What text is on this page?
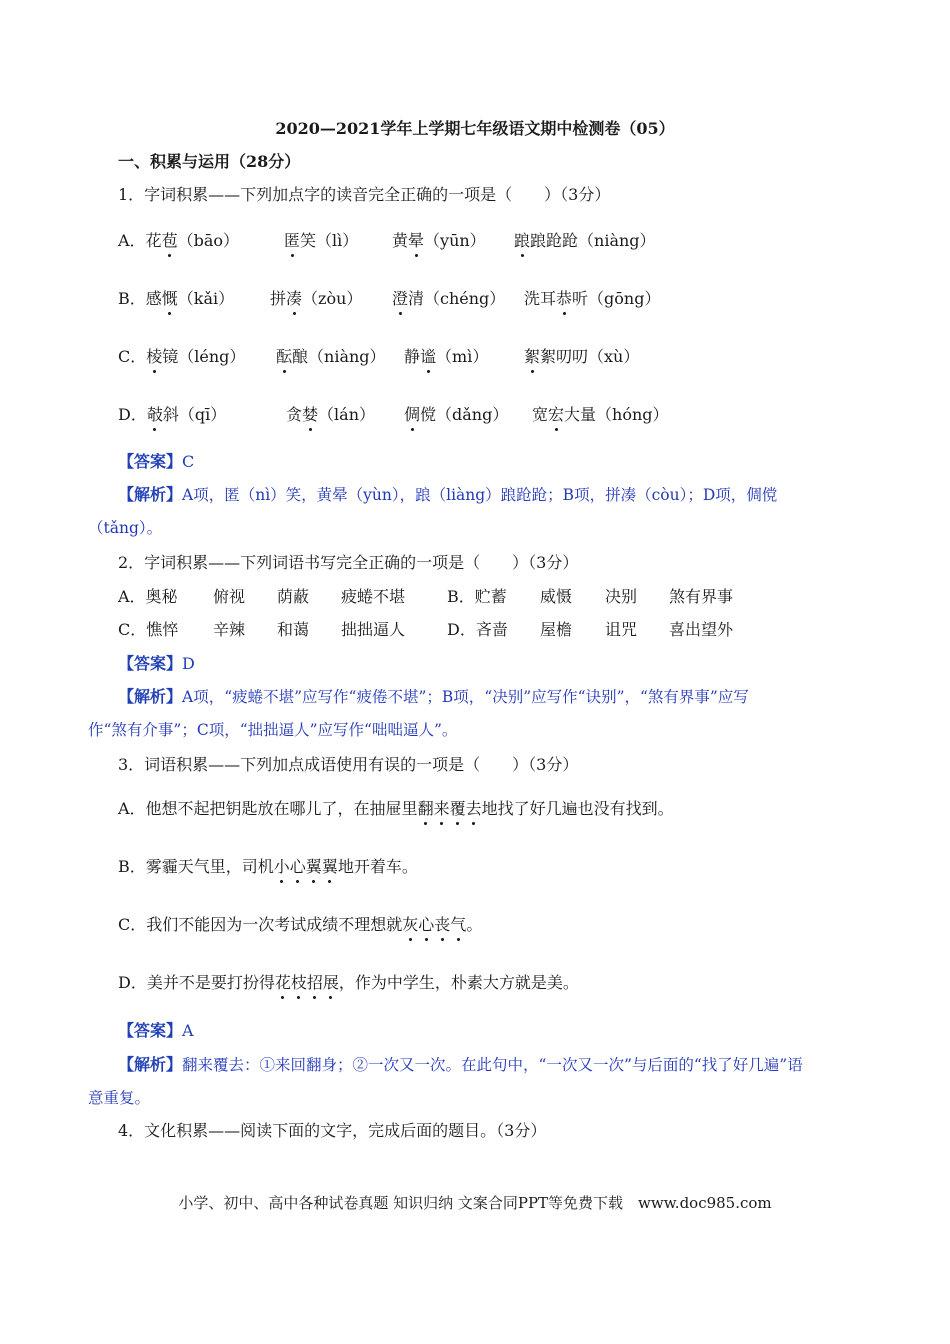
2020—2021学年上学期七年级语文期中检测卷（05）
一、积累与运用（28分）
1．字词积累——下列加点字的读音完全正确的一项是（　　）（3分）
A．花苞（bāo）	匿笑（lì） 黄晕（yūn） 踉踉跄跄（niàng）
B．感慨（kǎi） 拼凑（zòu） 澄清（chéng） 洗耳恭听（gōng）
C．棱镜（léng） 酝酿（niàng） 静谧（mì） 絮絮叨叨（xù）
D．攲斜（qī）	贪婪（lán） 倜傥（dǎng） 宽宏大量（hóng）
【答案】C
【解析】A项，匿（nì）笑，黄晕（yùn），踉（liàng）踉跄跄；B项，拼凑（còu）；D项，倜傥
（tǎng）。
2．字词积累——下列词语书写完全正确的一项是（　　）（3分）
A．奥秘 俯视 荫蔽 疲蜷不堪	B．贮蓄 威慑 决别 煞有界事
C．憔悴 辛辣 和蔼 拙拙逼人	D．吝啬 屋檐 诅咒 喜出望外
【答案】D
【解析】A项，“疲蜷不堪”应写作“疲倦不堪”；B项，“决别”应写作“诀别”，“煞有界事”应写
作“煞有介事”；C项，“拙拙逼人”应写作“咄咄逼人”。
3．词语积累——下列加点成语使用有误的一项是（　　）（3分）
A．他想不起把钥匙放在哪儿了，在抽屉里翻来覆去地找了好几遍也没有找到。
B．雾霾天气里，司机小心翼翼地开着车。
C．我们不能因为一次考试成绩不理想就灰心丧气。
D．美并不是要打扮得花枝招展，作为中学生，朴素大方就是美。
【答案】A
【解析】翻来覆去：①来回翻身；②一次又一次。在此句中，“一次又一次”与后面的“找了好几遍”语
意重复。
4．文化积累——阅读下面的文字，完成后面的题目。（3分）
小学、初中、高中各种试卷真题 知识归纳 文案合同PPT等免费下载　www.doc985.com
